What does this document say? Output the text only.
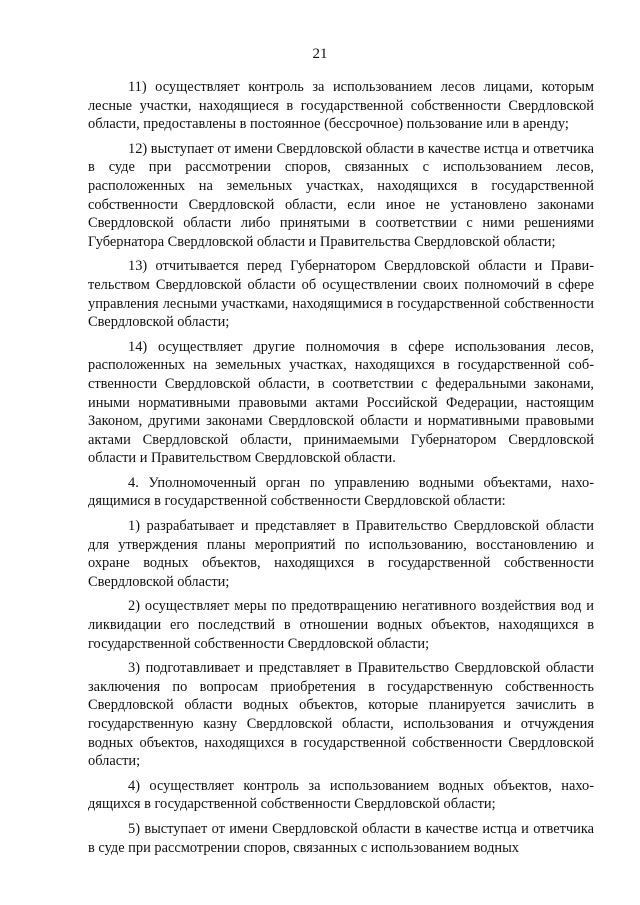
21

11) осуществляет контроль за использованием лесов лицами, которым лесные участки, находящиеся в государственной собственности Свердловской области, предоставлены в постоянное (бессрочное) пользование или в аренду;

12) выступает от имени Свердловской области в качестве истца и ответчика в суде при рассмотрении споров, связанных с использованием лесов, расположенных на земельных участках, находящихся в государственной собственности Свердловской области, если иное не установлено законами Свердловской области либо принятыми в соответствии с ними решениями Губернатора Свердловской области и Правительства Свердловской области;

13) отчитывается перед Губернатором Свердловской области и Правительством Свердловской области об осуществлении своих полномочий в сфере управления лесными участками, находящимися в государственной собственности Свердловской области;

14) осуществляет другие полномочия в сфере использования лесов, расположенных на земельных участках, находящихся в государственной собственности Свердловской области, в соответствии с федеральными законами, иными нормативными правовыми актами Российской Федерации, настоящим Законом, другими законами Свердловской области и нормативными правовыми актами Свердловской области, принимаемыми Губернатором Свердловской области и Правительством Свердловской области.

4. Уполномоченный орган по управлению водными объектами, находящимися в государственной собственности Свердловской области:

1) разрабатывает и представляет в Правительство Свердловской области для утверждения планы мероприятий по использованию, восстановлению и охране водных объектов, находящихся в государственной собственности Свердловской области;

2) осуществляет меры по предотвращению негативного воздействия вод и ликвидации его последствий в отношении водных объектов, находящихся в государственной собственности Свердловской области;

3) подготавливает и представляет в Правительство Свердловской области заключения по вопросам приобретения в государственную собственность Свердловской области водных объектов, которые планируется зачислить в государственную казну Свердловской области, использования и отчуждения водных объектов, находящихся в государственной собственности Свердловской области;

4) осуществляет контроль за использованием водных объектов, находящихся в государственной собственности Свердловской области;

5) выступает от имени Свердловской области в качестве истца и ответчика в суде при рассмотрении споров, связанных с использованием водных
